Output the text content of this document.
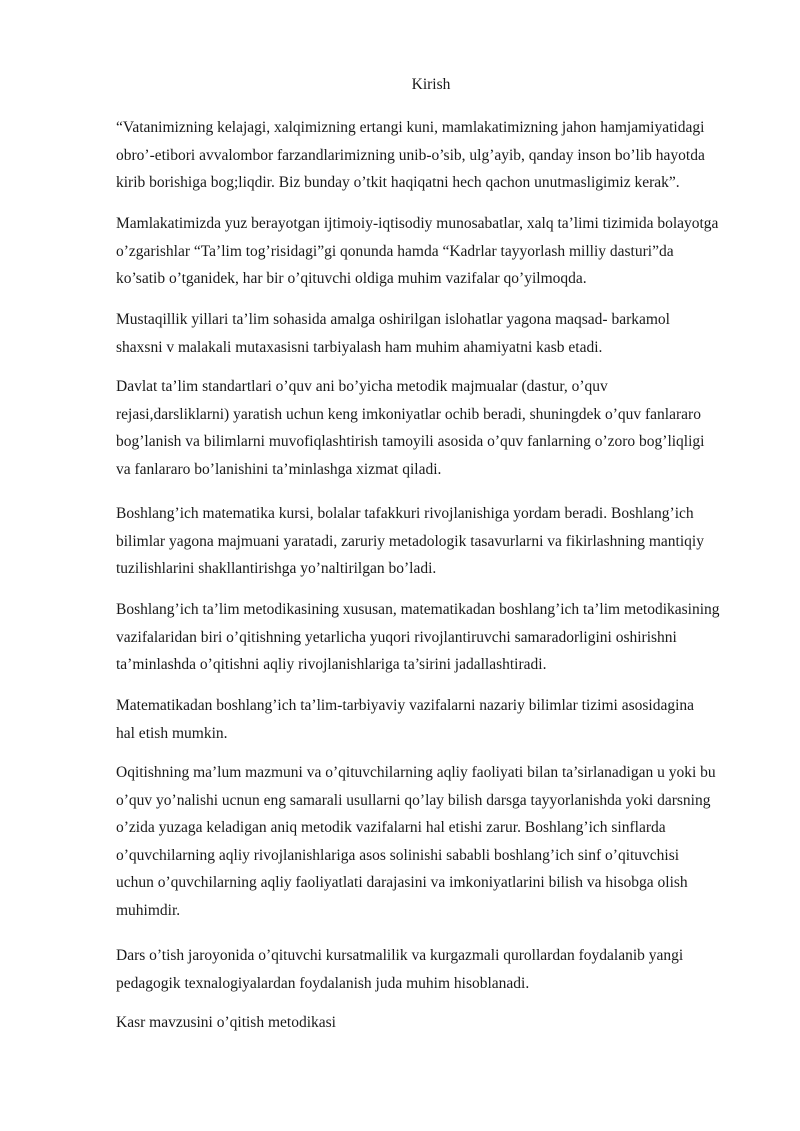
Kirish

“Vatanimizning kelajagi, xalqimizning ertangi kuni, mamlakatimizning jahon hamjamiyatidagi
obro’-etibori avvalombor farzandlarimizning unib-o’sib, ulg’ayib, qanday inson bo’lib hayotda
kirib borishiga bog;liqdir. Biz bunday o’tkit haqiqatni hech qachon unutmasligimiz kerak”.

Mamlakatimizda yuz berayotgan ijtimoiy-iqtisodiy munosabatlar, xalq ta’limi tizimida bolayotga
o’zgarishlar “Ta’lim tog’risidagi”gi qonunda hamda “Kadrlar tayyorlash milliy dasturi”da
ko’satib o’tganidek, har bir o’qituvchi oldiga muhim vazifalar qo’yilmoqda.

Mustaqillik yillari ta’lim sohasida amalga oshirilgan islohatlar yagona maqsad- barkamol
shaxsni v malakali mutaxasisni tarbiyalash ham muhim ahamiyatni kasb etadi.

Davlat ta’lim standartlari o’quv ani bo’yicha metodik majmualar (dastur, o’quv
rejasi,darsliklarni) yaratish uchun keng imkoniyatlar ochib beradi, shuningdek o’quv fanlararo
bog’lanish va bilimlarni muvofiqlashtirish tamoyili asosida o’quv fanlarning o’zoro bog’liqligi
va fanlararo bo’lanishini ta’minlashga xizmat qiladi.

Boshlang’ich matematika kursi, bolalar tafakkuri rivojlanishiga yordam beradi. Boshlang’ich
bilimlar yagona majmuani yaratadi, zaruriy metadologik tasavurlarni va fikirlashning mantiqiy
tuzilishlarini shakllantirishga yo’naltirilgan bo’ladi.

Boshlang’ich ta’lim metodikasining xususan, matematikadan boshlang’ich ta’lim metodikasining
vazifalaridan biri o’qitishning yetarlicha yuqori rivojlantiruvchi samaradorligini oshirishni
ta’minlashda o’qitishni aqliy rivojlanishlariga ta’sirini jadallashtiradi.

Matematikadan boshlang’ich ta’lim-tarbiyaviy vazifalarni nazariy bilimlar tizimi asosidagina
hal etish mumkin.

Oqitishning ma’lum mazmuni va o’qituvchilarning aqliy faoliyati bilan ta’sirlanadigan u yoki bu
o’quv yo’nalishi ucnun eng samarali usullarni qo’lay bilish darsga tayyorlanishda yoki darsning
o’zida yuzaga keladigan aniq metodik vazifalarni hal etishi zarur. Boshlang’ich sinflarda
o’quvchilarning aqliy rivojlanishlariga asos solinishi sababli boshlang’ich sinf o’qituvchisi
uchun o’quvchilarning aqliy faoliyatlati darajasini va imkoniyatlarini bilish va hisobga olish
muhimdir.

Dars o’tish jaroyonida o’qituvchi kursatmalilik va kurgazmali qurollardan foydalanib yangi
pedagogik texnalogiyalardan foydalanish juda muhim hisoblanadi.

Kasr mavzusini o’qitish metodikasi
